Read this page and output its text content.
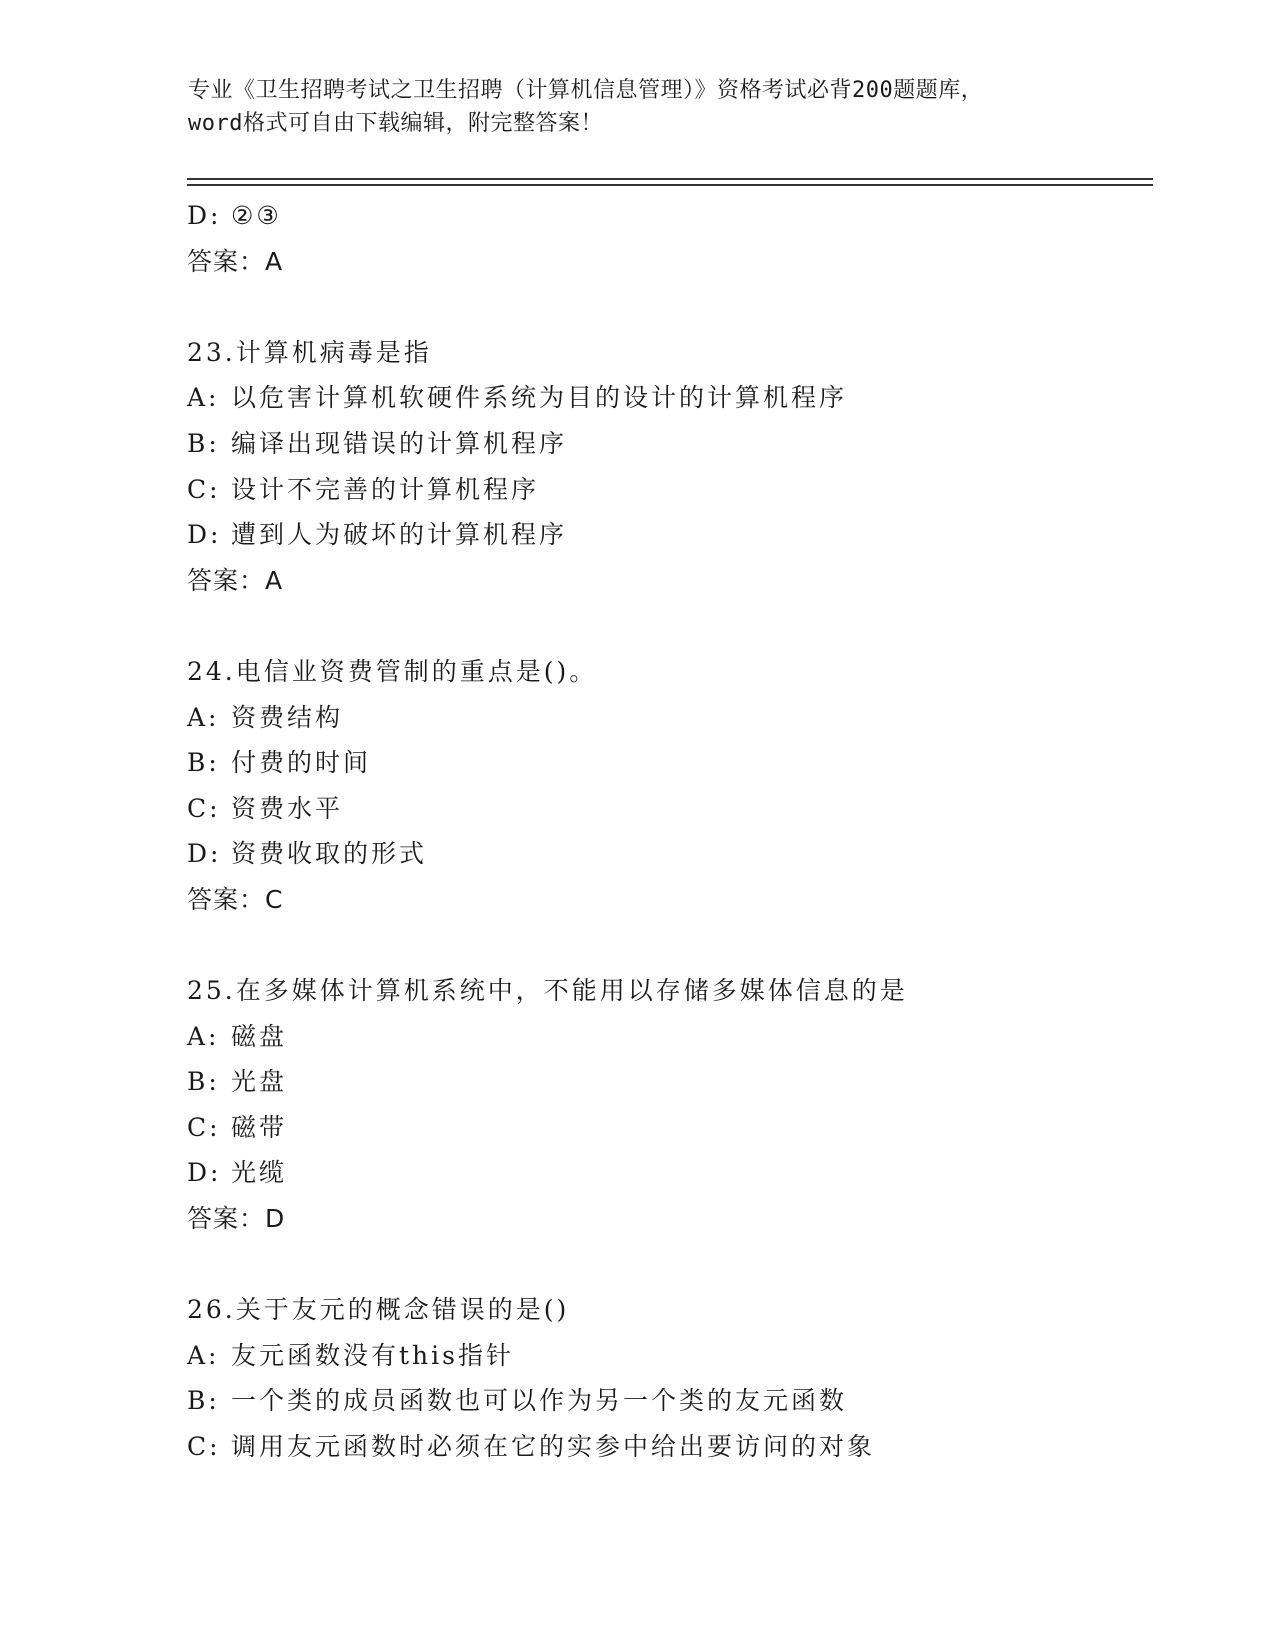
专业《卫生招聘考试之卫生招聘（计算机信息管理）》资格考试必背200题题库，
word格式可自由下载编辑，附完整答案！
D: ②③
答案：A
23.计算机病毒是指
A: 以危害计算机软硬件系统为目的设计的计算机程序
B: 编译出现错误的计算机程序
C: 设计不完善的计算机程序
D: 遭到人为破坏的计算机程序
答案：A
24.电信业资费管制的重点是()。
A: 资费结构
B: 付费的时间
C: 资费水平
D: 资费收取的形式
答案：C
25.在多媒体计算机系统中，不能用以存储多媒体信息的是
A: 磁盘
B: 光盘
C: 磁带
D: 光缆
答案：D
26.关于友元的概念错误的是()
A: 友元函数没有this指针
B: 一个类的成员函数也可以作为另一个类的友元函数
C: 调用友元函数时必须在它的实参中给出要访问的对象
